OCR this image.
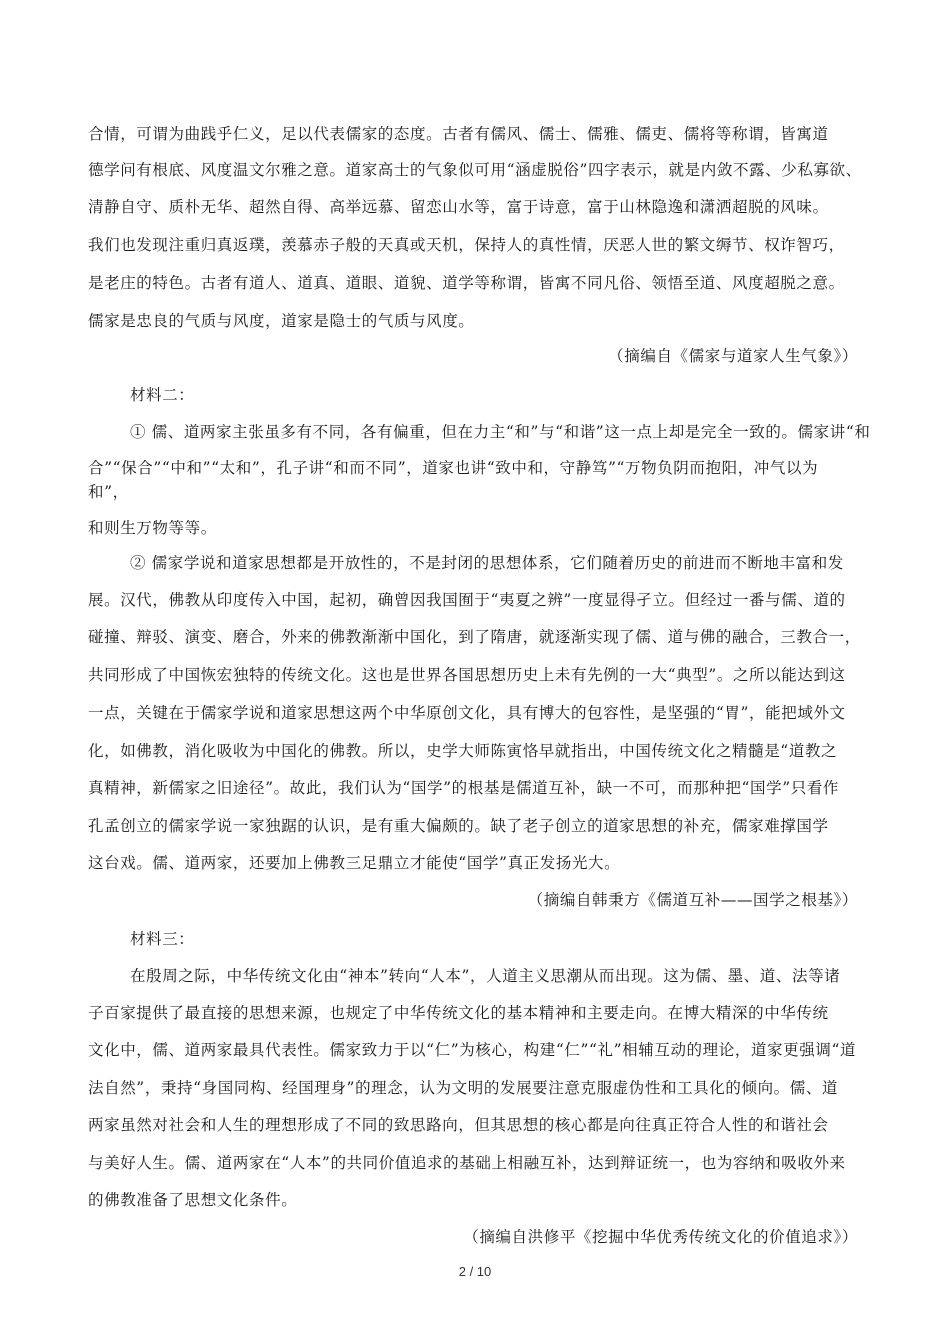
合情，可谓为曲践乎仁义，足以代表儒家的态度。古者有儒风、儒士、儒雅、儒吏、儒将等称谓，皆寓道
德学问有根底、风度温文尔雅之意。道家高士的气象似可用“涵虚脱俗”四字表示，就是内敛不露、少私寡欲、
清静自守、质朴无华、超然自得、高举远慕、留恋山水等，富于诗意，富于山林隐逸和潇洒超脱的风味。
我们也发现注重归真返璞，羡慕赤子般的天真或天机，保持人的真性情，厌恶人世的繁文缛节、权诈智巧，
是老庄的特色。古者有道人、道真、道眼、道貌、道学等称谓，皆寓不同凡俗、领悟至道、风度超脱之意。
儒家是忠良的气质与风度，道家是隐士的气质与风度。
（摘编自《儒家与道家人生气象》）
材料二：
① 儒、道两家主张虽多有不同，各有偏重，但在力主“和”与“和谐”这一点上却是完全一致的。儒家讲“和
合”“保合”“中和”“太和”，孔子讲“和而不同”，道家也讲“致中和，守静笃”“万物负阴而抱阳，冲气以为
和”，
和则生万物等等。
② 儒家学说和道家思想都是开放性的，不是封闭的思想体系，它们随着历史的前进而不断地丰富和发
展。汉代，佛教从印度传入中国，起初，确曾因我国囿于“夷夏之辨”一度显得孑立。但经过一番与儒、道的
碰撞、辩驳、演变、磨合，外来的佛教渐渐中国化，到了隋唐，就逐渐实现了儒、道与佛的融合，三教合一，
共同形成了中国恢宏独特的传统文化。这也是世界各国思想历史上未有先例的一大“典型”。之所以能达到这
一点，关键在于儒家学说和道家思想这两个中华原创文化，具有博大的包容性，是坚强的“胃”，能把域外文
化，如佛教，消化吸收为中国化的佛教。所以，史学大师陈寅恪早就指出，中国传统文化之精髓是“道教之
真精神，新儒家之旧途径”。故此，我们认为“国学”的根基是儒道互补，缺一不可，而那种把“国学”只看作
孔孟创立的儒家学说一家独踞的认识，是有重大偏颇的。缺了老子创立的道家思想的补充，儒家难撑国学
这台戏。儒、道两家，还要加上佛教三足鼎立才能使“国学”真正发扬光大。
（摘编自韩秉方《儒道互补——国学之根基》）
材料三：
在殷周之际，中华传统文化由“神本”转向“人本”，人道主义思潮从而出现。这为儒、墨、道、法等诸
子百家提供了最直接的思想来源，也规定了中华传统文化的基本精神和主要走向。在博大精深的中华传统
文化中，儒、道两家最具代表性。儒家致力于以“仁”为核心，构建“仁”“礼”相辅互动的理论，道家更强调“道
法自然”，秉持“身国同构、经国理身”的理念，认为文明的发展要注意克服虚伪性和工具化的倾向。儒、道
两家虽然对社会和人生的理想形成了不同的致思路向，但其思想的核心都是向往真正符合人性的和谐社会
与美好人生。儒、道两家在“人本”的共同价值追求的基础上相融互补，达到辩证统一，也为容纳和吸收外来
的佛教准备了思想文化条件。
（摘编自洪修平《挖掘中华优秀传统文化的价值追求》）
2 / 10
